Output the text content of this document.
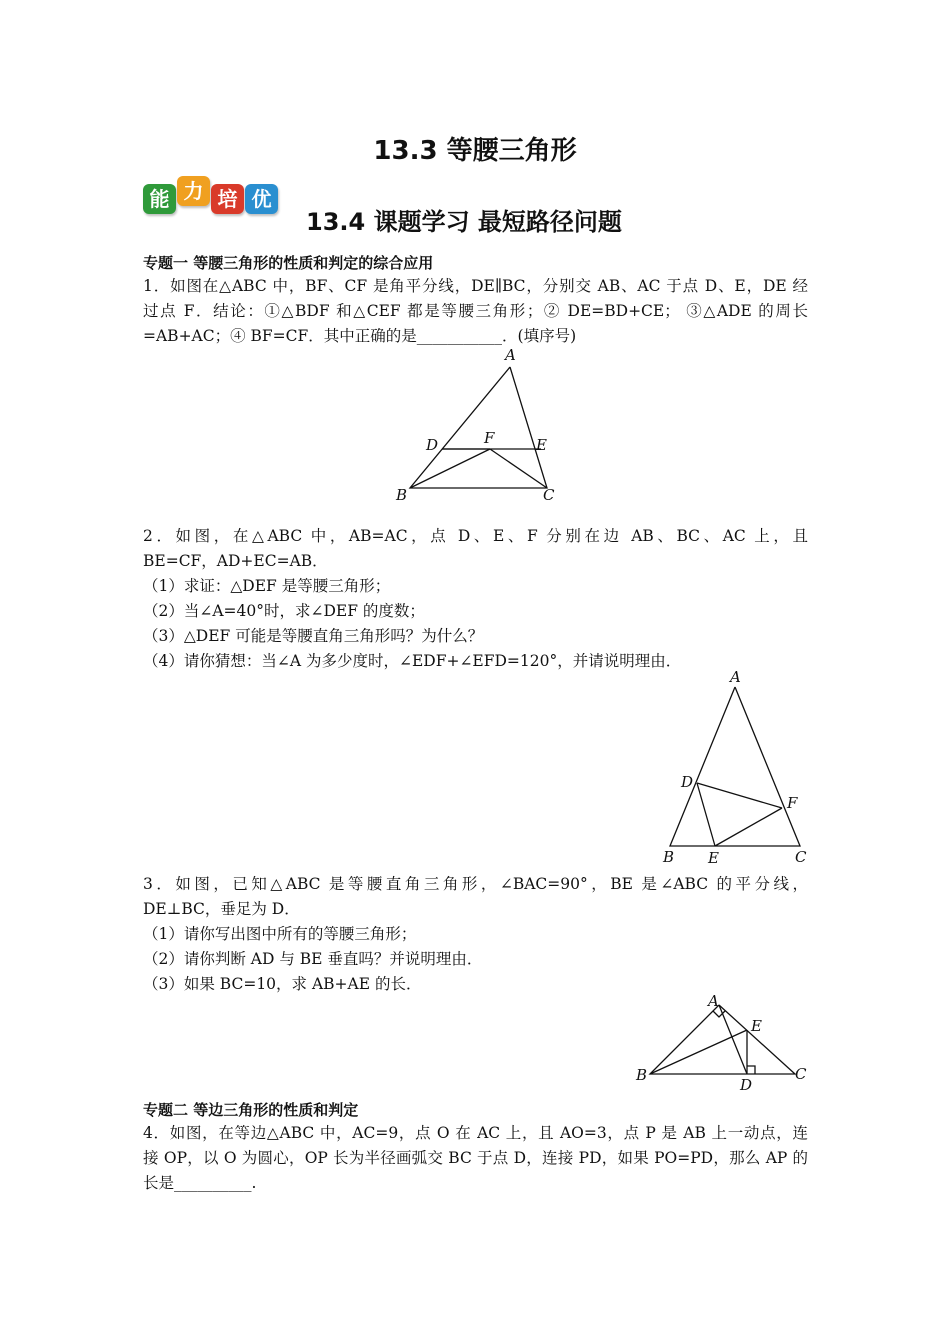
13.3 等腰三角形
能 力 培 优
13.4 课题学习 最短路径问题
专题一 等腰三角形的性质和判定的综合应用
1．如图在△ABC 中，BF、CF 是角平分线，DE∥BC，分别交 AB、AC 于点 D、E，DE 经
过点 F．结论：①△BDF 和△CEF 都是等腰三角形；② DE=BD+CE； ③△ADE 的周长
=AB+AC；④ BF=CF．其中正确的是___________．(填序号)
A
B	C
D	E
F
2．如图，在△ABC 中，AB=AC，点 D、E、F 分别在边 AB、BC、AC 上，且
BE=CF，AD+EC=AB．
（1）求证：△DEF 是等腰三角形；
（2）当∠A=40°时，求∠DEF 的度数；
（3）△DEF 可能是等腰直角三角形吗？为什么？
（4）请你猜想：当∠A 为多少度时，∠EDF+∠EFD=120°，并请说明理由．
A
B	C
D
E
F
3．如图，已知△ABC 是等腰直角三角形，∠BAC=90°，BE 是∠ABC 的平分线，
DE⊥BC，垂足为 D．
（1）请你写出图中所有的等腰三角形；
（2）请你判断 AD 与 BE 垂直吗？并说明理由．
（3）如果 BC=10，求 AB+AE 的长．
A
B	C
D
E
专题二 等边三角形的性质和判定
4．如图，在等边△ABC 中，AC=9，点 O 在 AC 上，且 AO=3，点 P 是 AB 上一动点，连
接 OP，以 O 为圆心，OP 长为半径画弧交 BC 于点 D，连接 PD，如果 PO=PD，那么 AP 的
长是__________.
